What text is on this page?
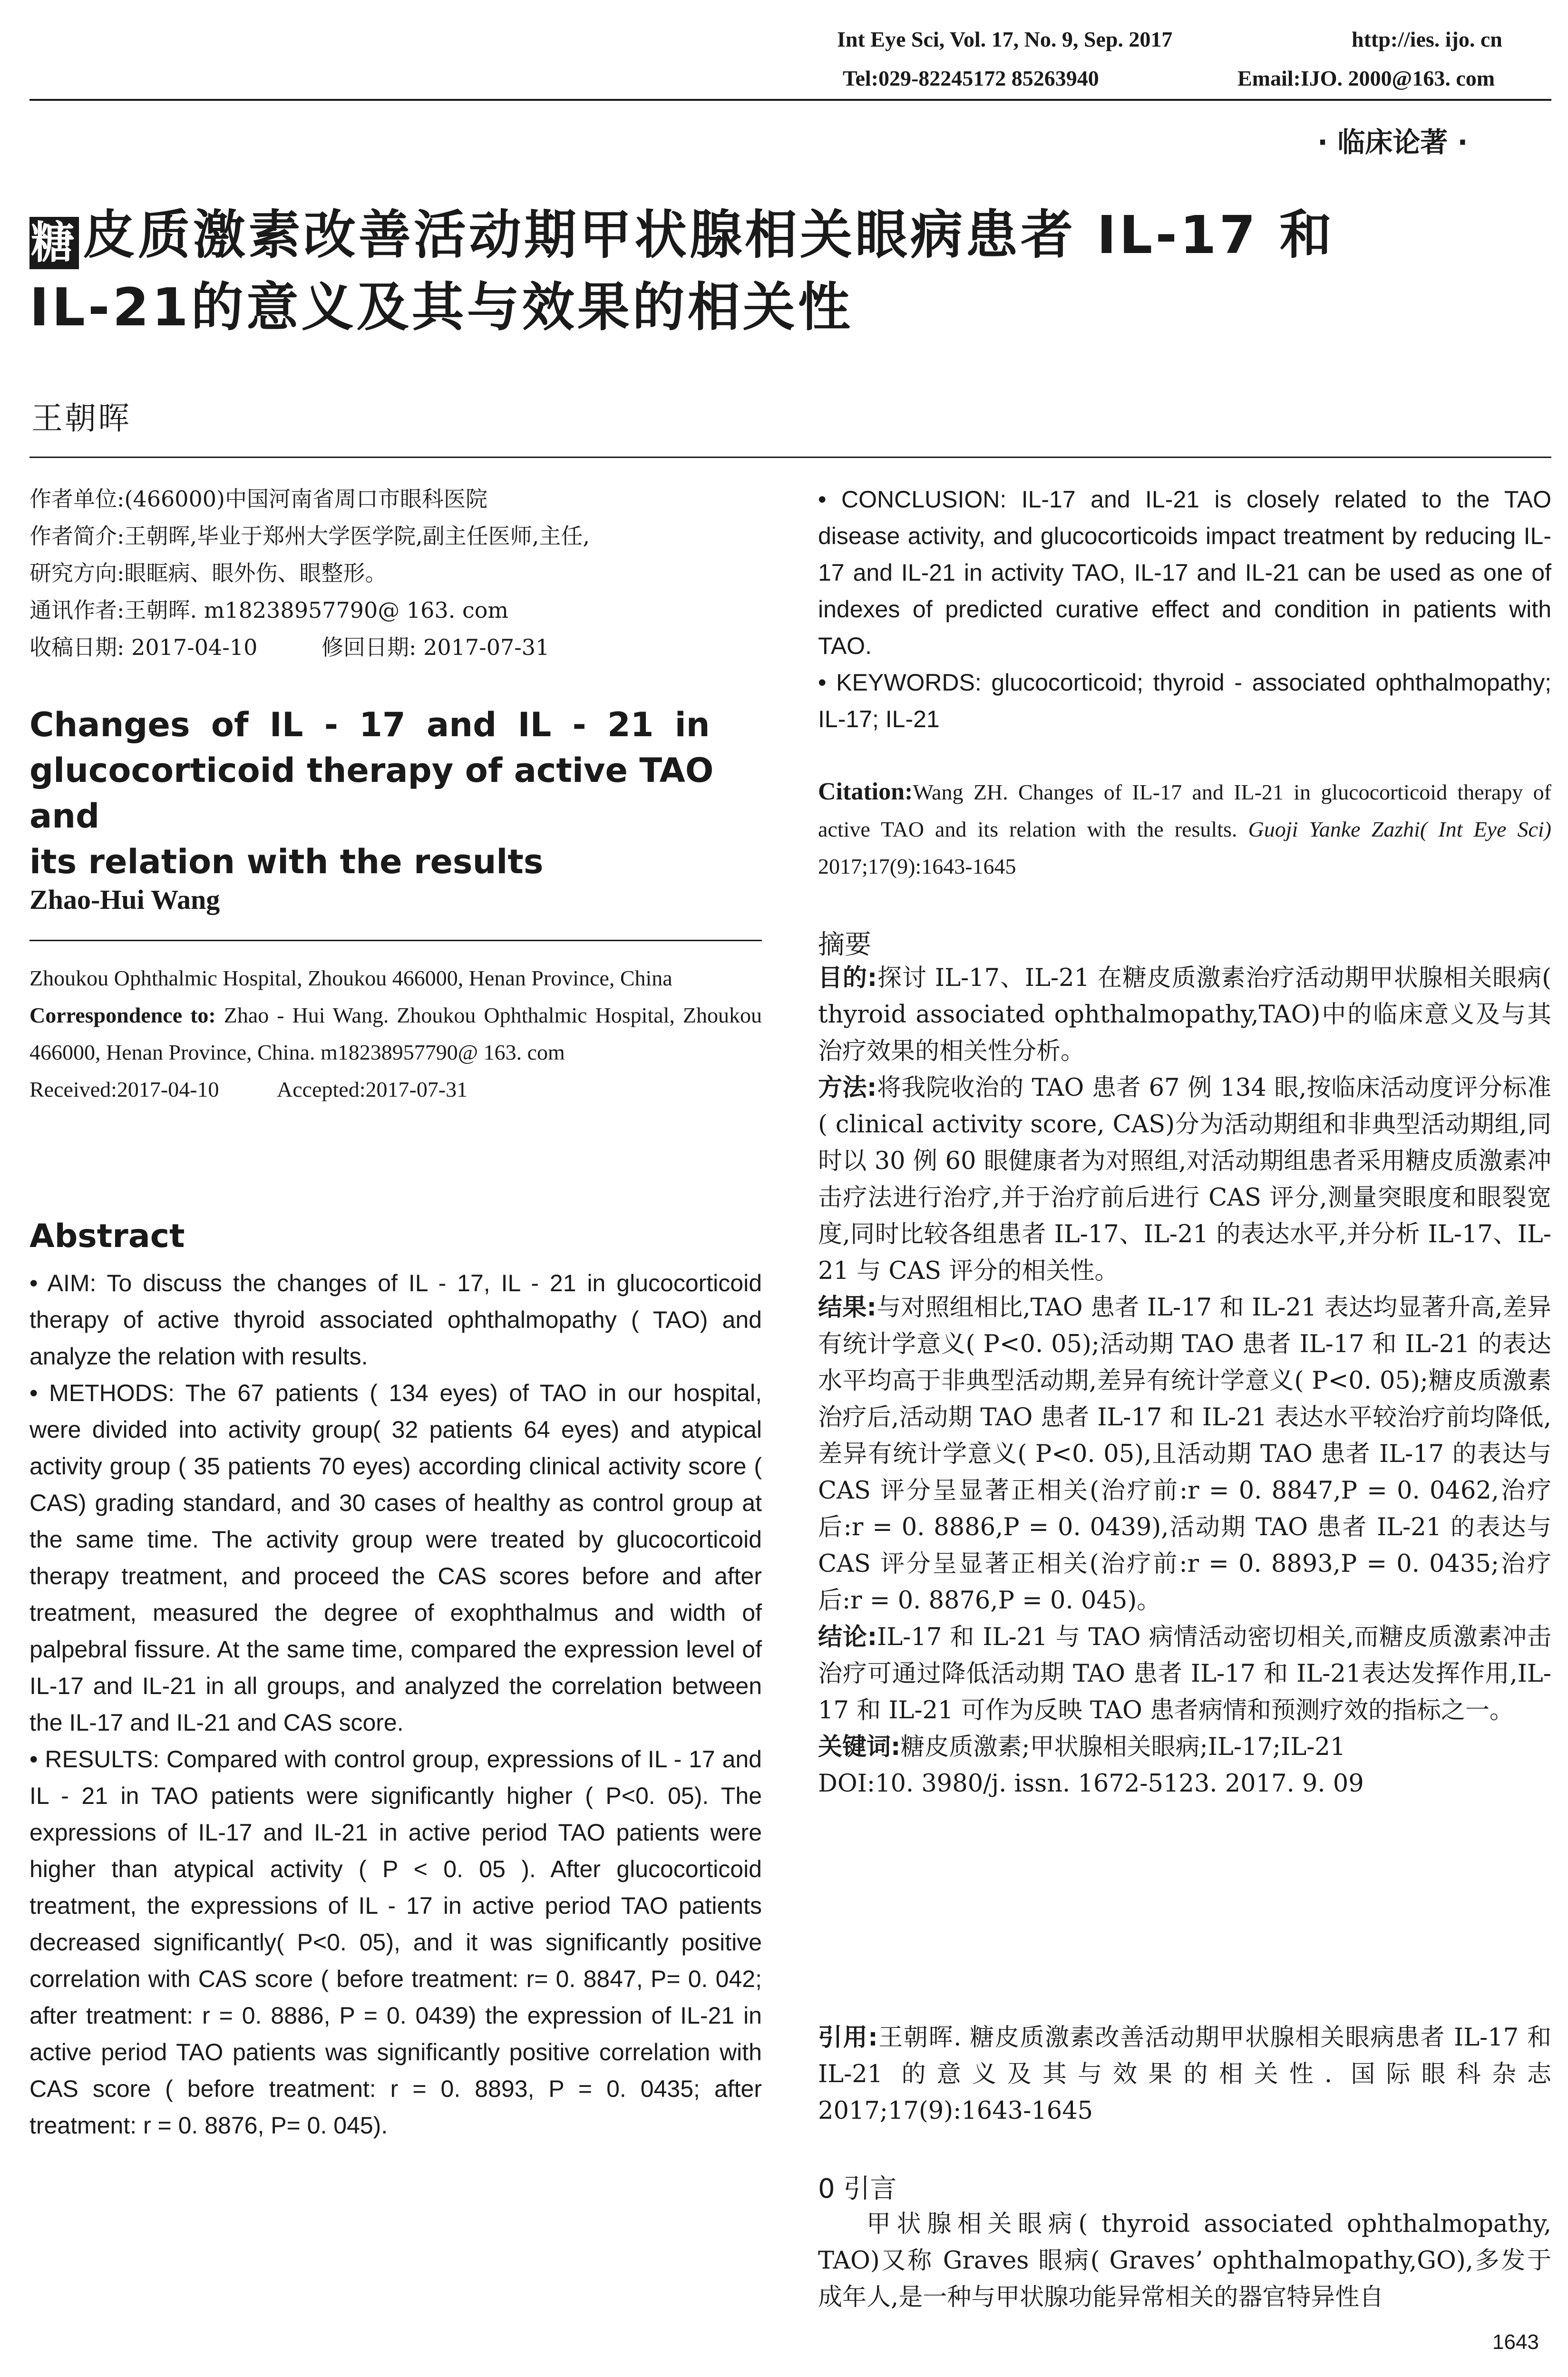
Int Eye Sci, Vol. 17, No. 9, Sep. 2017	http://ies. ijo. cn
Tel:029-82245172 85263940	Email:IJO. 2000@163. com
· 临床论著 ·
糖 皮质激素改善活动期甲状腺相关眼病患者 IL-17 和
IL-21的意义及其与效果的相关性
王朝晖
作者单位:(466000)中国河南省周口市眼科医院
作者简介:王朝晖,毕业于郑州大学医学院,副主任医师,主任,
研究方向:眼眶病、眼外伤、眼整形。
通讯作者:王朝晖. m18238957790@ 163. com
收稿日期: 2017-04-10	修回日期: 2017-07-31
Changes of IL - 17 and IL - 21 in
glucocorticoid therapy of active TAO and
its relation with the results
Zhao-Hui Wang
Zhoukou Ophthalmic Hospital, Zhoukou 466000, Henan Province, China
Correspondence to: Zhao - Hui Wang. Zhoukou Ophthalmic Hospital, Zhoukou 466000, Henan Province, China. m18238957790@ 163. com
Received:2017-04-10	Accepted:2017-07-31
Abstract

• AIM: To discuss the changes of IL - 17, IL - 21 in glucocorticoid therapy of active thyroid associated ophthalmopathy ( TAO) and analyze the relation with results.

• METHODS: The 67 patients ( 134 eyes) of TAO in our hospital, were divided into activity group( 32 patients 64 eyes) and atypical activity group ( 35 patients 70 eyes) according clinical activity score ( CAS) grading standard, and 30 cases of healthy as control group at the same time. The activity group were treated by glucocorticoid therapy treatment, and proceed the CAS scores before and after treatment, measured the degree of exophthalmus and width of palpebral fissure. At the same time, compared the expression level of IL-17 and IL-21 in all groups, and analyzed the correlation between the IL-17 and IL-21 and CAS score.

• RESULTS: Compared with control group, expressions of IL - 17 and IL - 21 in TAO patients were significantly higher ( P<0. 05). The expressions of IL-17 and IL-21 in active period TAO patients were higher than atypical activity ( P < 0. 05 ). After glucocorticoid treatment, the expressions of IL - 17 in active period TAO patients decreased significantly( P<0. 05), and it was significantly positive correlation with CAS score ( before treatment: r= 0. 8847, P= 0. 042; after treatment: r = 0. 8886, P = 0. 0439) the expression of IL-21 in active period TAO patients was significantly positive correlation with CAS score ( before treatment: r = 0. 8893, P = 0. 0435; after treatment: r = 0. 8876, P= 0. 045).

• CONCLUSION: IL-17 and IL-21 is closely related to the TAO disease activity, and glucocorticoids impact treatment by reducing IL-17 and IL-21 in activity TAO, IL-17 and IL-21 can be used as one of indexes of predicted curative effect and condition in patients with TAO.

• KEYWORDS: glucocorticoid; thyroid - associated ophthalmopathy; IL-17; IL-21

Citation:Wang ZH. Changes of IL-17 and IL-21 in glucocorticoid therapy of active TAO and its relation with the results. Guoji Yanke Zazhi( Int Eye Sci) 2017;17(9):1643-1645
摘要

目的:探讨 IL-17、IL-21 在糖皮质激素治疗活动期甲状腺相关眼病( thyroid associated ophthalmopathy,TAO)中的临床意义及与其治疗效果的相关性分析。

方法:将我院收治的 TAO 患者 67 例 134 眼,按临床活动度评分标准( clinical activity score, CAS)分为活动期组和非典型活动期组,同时以 30 例 60 眼健康者为对照组,对活动期组患者采用糖皮质激素冲击疗法进行治疗,并于治疗前后进行 CAS 评分,测量突眼度和眼裂宽度,同时比较各组患者 IL-17、IL-21 的表达水平,并分析 IL-17、IL-21 与 CAS 评分的相关性。

结果:与对照组相比,TAO 患者 IL-17 和 IL-21 表达均显著升高,差异有统计学意义( P<0. 05);活动期 TAO 患者 IL-17 和 IL-21 的表达水平均高于非典型活动期,差异有统计学意义( P<0. 05);糖皮质激素治疗后,活动期 TAO 患者 IL-17 和 IL-21 表达水平较治疗前均降低,差异有统计学意义( P<0. 05),且活动期 TAO 患者 IL-17 的表达与 CAS 评分呈显著正相关(治疗前:r = 0. 8847,P = 0. 0462,治疗后:r = 0. 8886,P = 0. 0439),活动期 TAO 患者 IL-21 的表达与 CAS 评分呈显著正相关(治疗前:r = 0. 8893,P = 0. 0435;治疗后:r = 0. 8876,P = 0. 045)。

结论:IL-17 和 IL-21 与 TAO 病情活动密切相关,而糖皮质激素冲击治疗可通过降低活动期 TAO 患者 IL-17 和 IL-21表达发挥作用,IL-17 和 IL-21 可作为反映 TAO 患者病情和预测疗效的指标之一。

关键词:糖皮质激素;甲状腺相关眼病;IL-17;IL-21

DOI:10. 3980/j. issn. 1672-5123. 2017. 9. 09

引用:王朝晖. 糖皮质激素改善活动期甲状腺相关眼病患者 IL-17 和 IL-21 的意义及其与效果的相关性. 国际眼科杂志 2017;17(9):1643-1645

0 引言
甲状腺相关眼病( thyroid associated ophthalmopathy, TAO)又称 Graves 眼病( Graves’ ophthalmopathy,GO),多发于成年人,是一种与甲状腺功能异常相关的器官特异性自
1643
